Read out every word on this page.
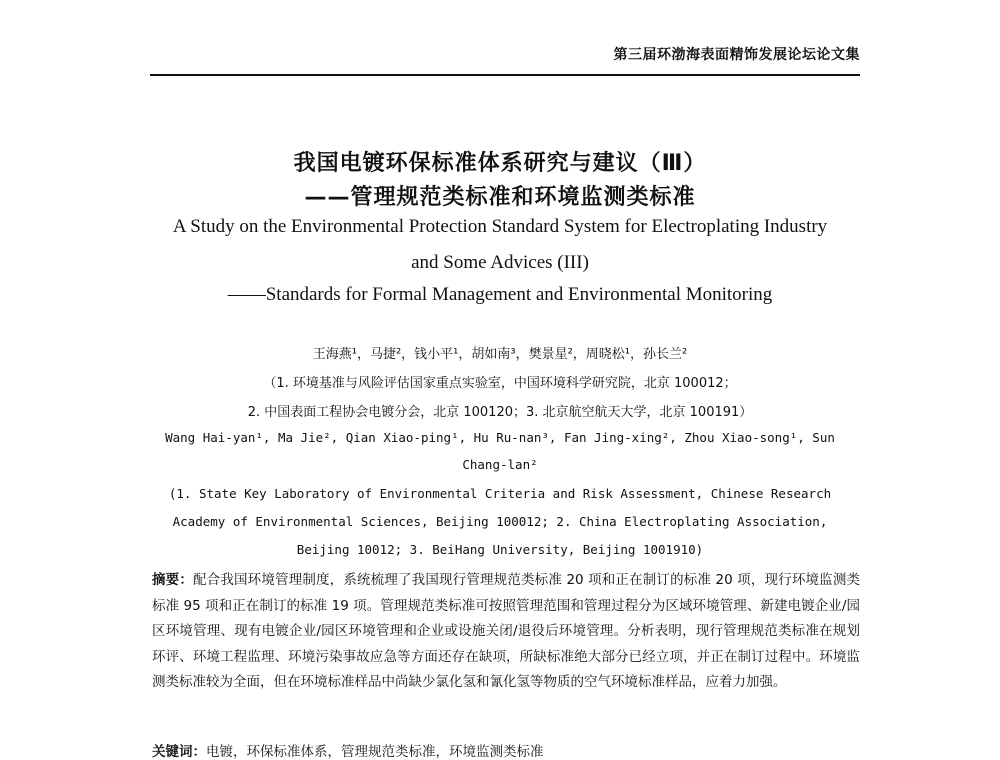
第三届环渤海表面精饰发展论坛论文集
我国电镀环保标准体系研究与建议（Ⅲ）
——管理规范类标准和环境监测类标准
A Study on the Environmental Protection Standard System for Electroplating Industry
and Some Advices (III)
——Standards for Formal Management and Environmental Monitoring
王海燕¹，马捷²，钱小平¹，胡如南³，樊景星²，周晓松¹，孙长兰²
（1. 环境基准与风险评估国家重点实验室，中国环境科学研究院，北京 100012；
2. 中国表面工程协会电镀分会，北京 100120；3. 北京航空航天大学，北京 100191）
Wang Hai-yan¹, Ma Jie², Qian Xiao-ping¹, Hu Ru-nan³, Fan Jing-xing², Zhou Xiao-song¹, Sun
Chang-lan²
(1. State Key Laboratory of Environmental Criteria and Risk Assessment, Chinese Research
Academy of Environmental Sciences, Beijing 100012; 2. China Electroplating Association,
Beijing 10012; 3. BeiHang University, Beijing 1001910)
摘要：配合我国环境管理制度，系统梳理了我国现行管理规范类标准 20 项和正在制订的标准 20 项，现行环境监测类标准 95 项和正在制订的标准 19 项。管理规范类标准可按照管理范围和管理过程分为区域环境管理、新建电镀企业/园区环境管理、现有电镀企业/园区环境管理和企业或设施关闭/退役后环境管理。分析表明，现行管理规范类标准在规划环评、环境工程监理、环境污染事故应急等方面还存在缺项，所缺标准绝大部分已经立项，并正在制订过程中。环境监测类标准较为全面，但在环境标准样品中尚缺少氯化氢和氰化氢等物质的空气环境标准样品，应着力加强。
关键词：电镀，环保标准体系，管理规范类标准，环境监测类标准
